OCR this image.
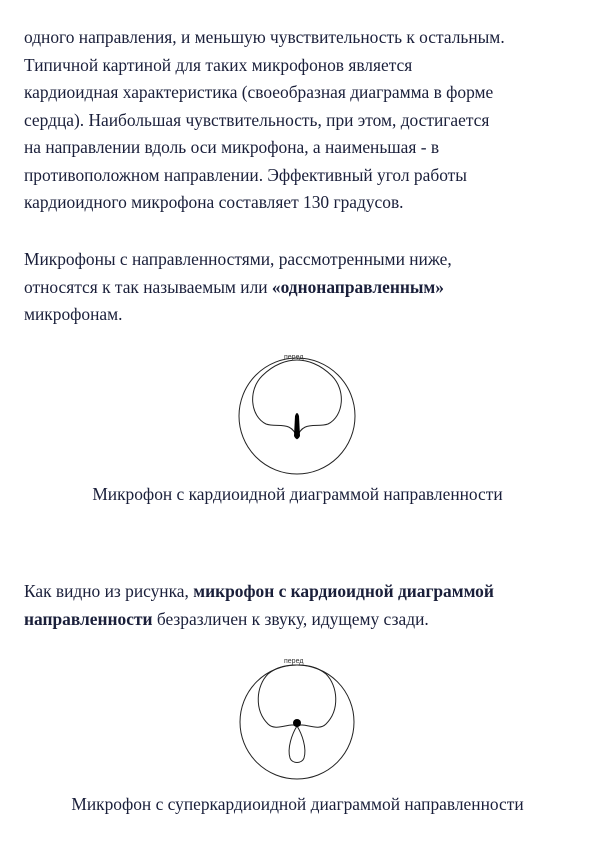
одного направления, и меньшую чувствительность к остальным.
Типичной картиной для таких микрофонов является
кардиоидная характеристика (своеобразная диаграмма в форме
сердца). Наибольшая чувствительность, при этом, достигается
на направлении вдоль оси микрофона, а наименьшая - в
противоположном направлении. Эффективный угол работы
кардиоидного микрофона составляет 130 градусов.
Микрофоны с направленностями, рассмотренными ниже,
относятся к так называемым или «однонаправленным»
микрофонам.
перед
Микрофон с кардиоидной диаграммой направленности
Как видно из рисунка, микрофон с кардиоидной диаграммой
направленности безразличен к звуку, идущему сзади.
перед
Микрофон с суперкардиоидной диаграммой направленности
